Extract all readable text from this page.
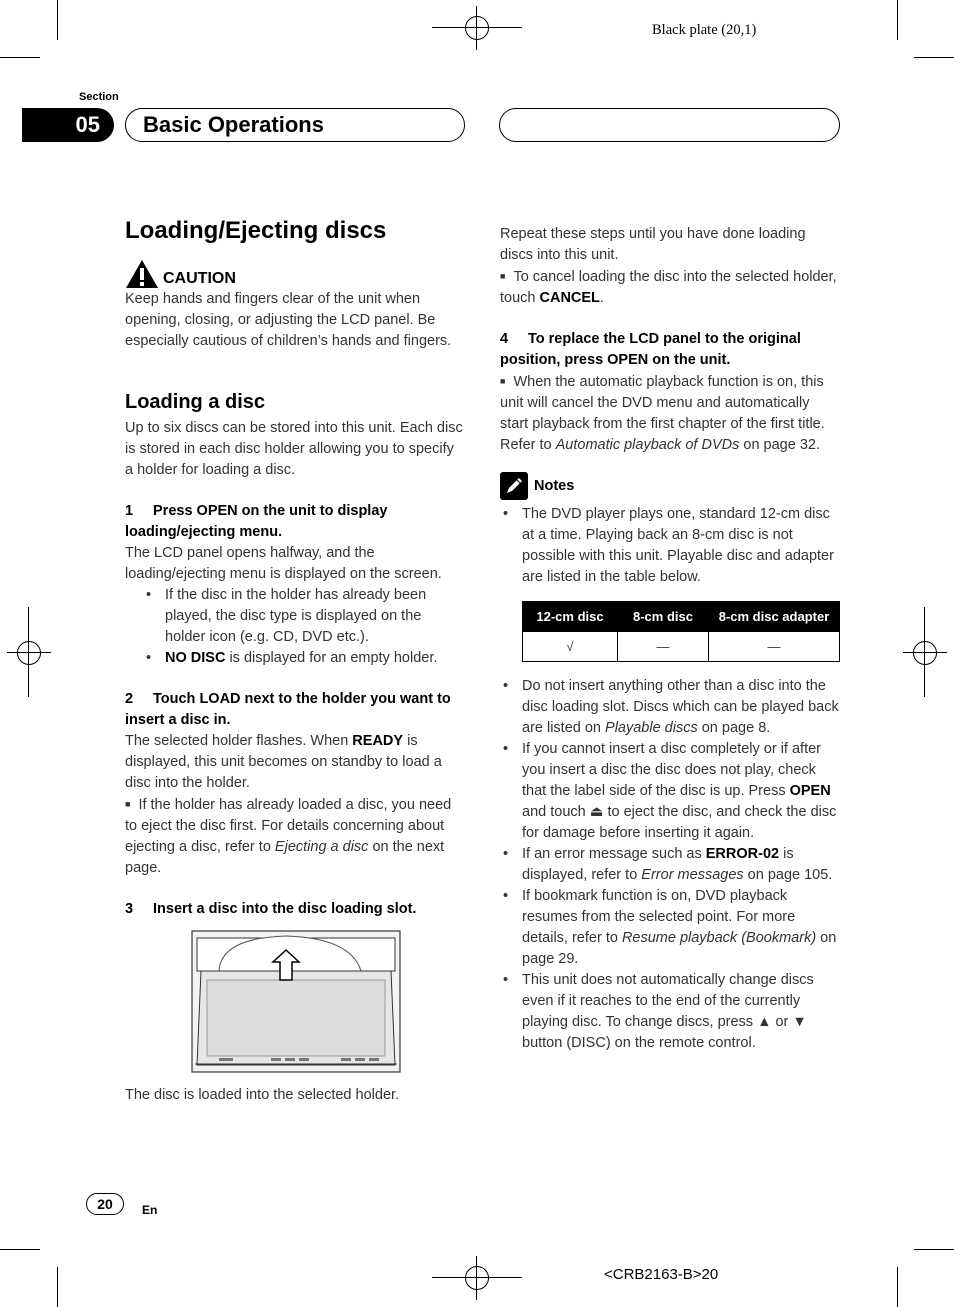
Black plate (20,1)
Section
05	Basic Operations
Loading/Ejecting discs
CAUTION

Keep hands and fingers clear of the unit when opening, closing, or adjusting the LCD panel. Be especially cautious of children’s hands and fingers.

Loading a disc

Up to six discs can be stored into this unit. Each disc is stored in each disc holder allowing you to specify a holder for loading a disc.

1 Press OPEN on the unit to display loading/ejecting menu.

The LCD panel opens halfway, and the loading/ejecting menu is displayed on the screen.

• If the disc in the holder has already been played, the disc type is displayed on the holder icon (e.g. CD, DVD etc.).
• NO DISC is displayed for an empty holder.
2 Touch LOAD next to the holder you want to insert a disc in.

The selected holder flashes. When READY is displayed, this unit becomes on standby to load a disc into the holder.

■ If the holder has already loaded a disc, you need to eject the disc first. For details concerning about ejecting a disc, refer to Ejecting a disc on the next page.

3 Insert a disc into the disc loading slot.

The disc is loaded into the selected holder.

Repeat these steps until you have done loading discs into this unit.

■ To cancel loading the disc into the selected holder, touch CANCEL.

4 To replace the LCD panel to the original position, press OPEN on the unit.

■ When the automatic playback function is on, this unit will cancel the DVD menu and automatically start playback from the first chapter of the first title. Refer to Automatic playback of DVDs on page 32.

Notes
• The DVD player plays one, standard 12-cm disc at a time. Playing back an 8-cm disc is not possible with this unit. Playable disc and adapter are listed in the table below.
12-cm disc	8-cm disc	8-cm disc adapter
√	—	—
• Do not insert anything other than a disc into the disc loading slot. Discs which can be played back are listed on Playable discs on page 8.
• If you cannot insert a disc completely or if after you insert a disc the disc does not play, check that the label side of the disc is up. Press OPEN and touch ⏏ to eject the disc, and check the disc for damage before inserting it again.
• If an error message such as ERROR-02 is displayed, refer to Error messages on page 105.
• If bookmark function is on, DVD playback resumes from the selected point. For more details, refer to Resume playback (Bookmark) on page 29.
• This unit does not automatically change discs even if it reaches to the end of the currently playing disc. To change discs, press ▲ or ▼ button (DISC) on the remote control.
20	En
<CRB2163-B>20
